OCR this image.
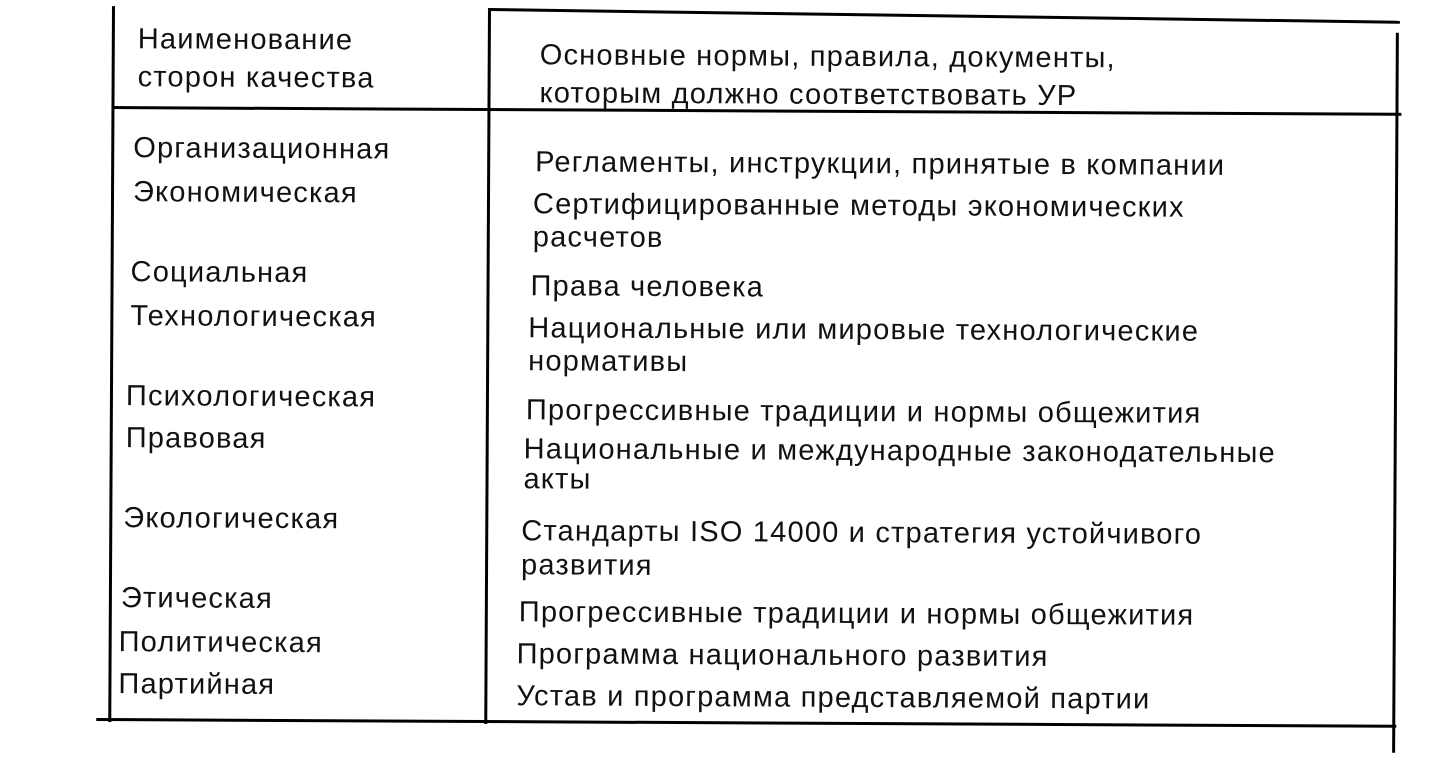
Наименование
сторон качества
Основные нормы, правила, документы,
которым должно соответствовать УР
Организационная
Экономическая
Социальная
Технологическая
Психологическая
Правовая
Экологическая
Этическая
Политическая
Партийная
Регламенты, инструкции, принятые в компании
Сертифицированные методы экономических
расчетов
Права человека
Национальные или мировые технологические
нормативы
Прогрессивные традиции и нормы общежития
Национальные и международные законодательные
акты
Стандарты ISO 14000 и стратегия устойчивого
развития
Прогрессивные традиции и нормы общежития
Программа национального развития
Устав и программа представляемой партии
